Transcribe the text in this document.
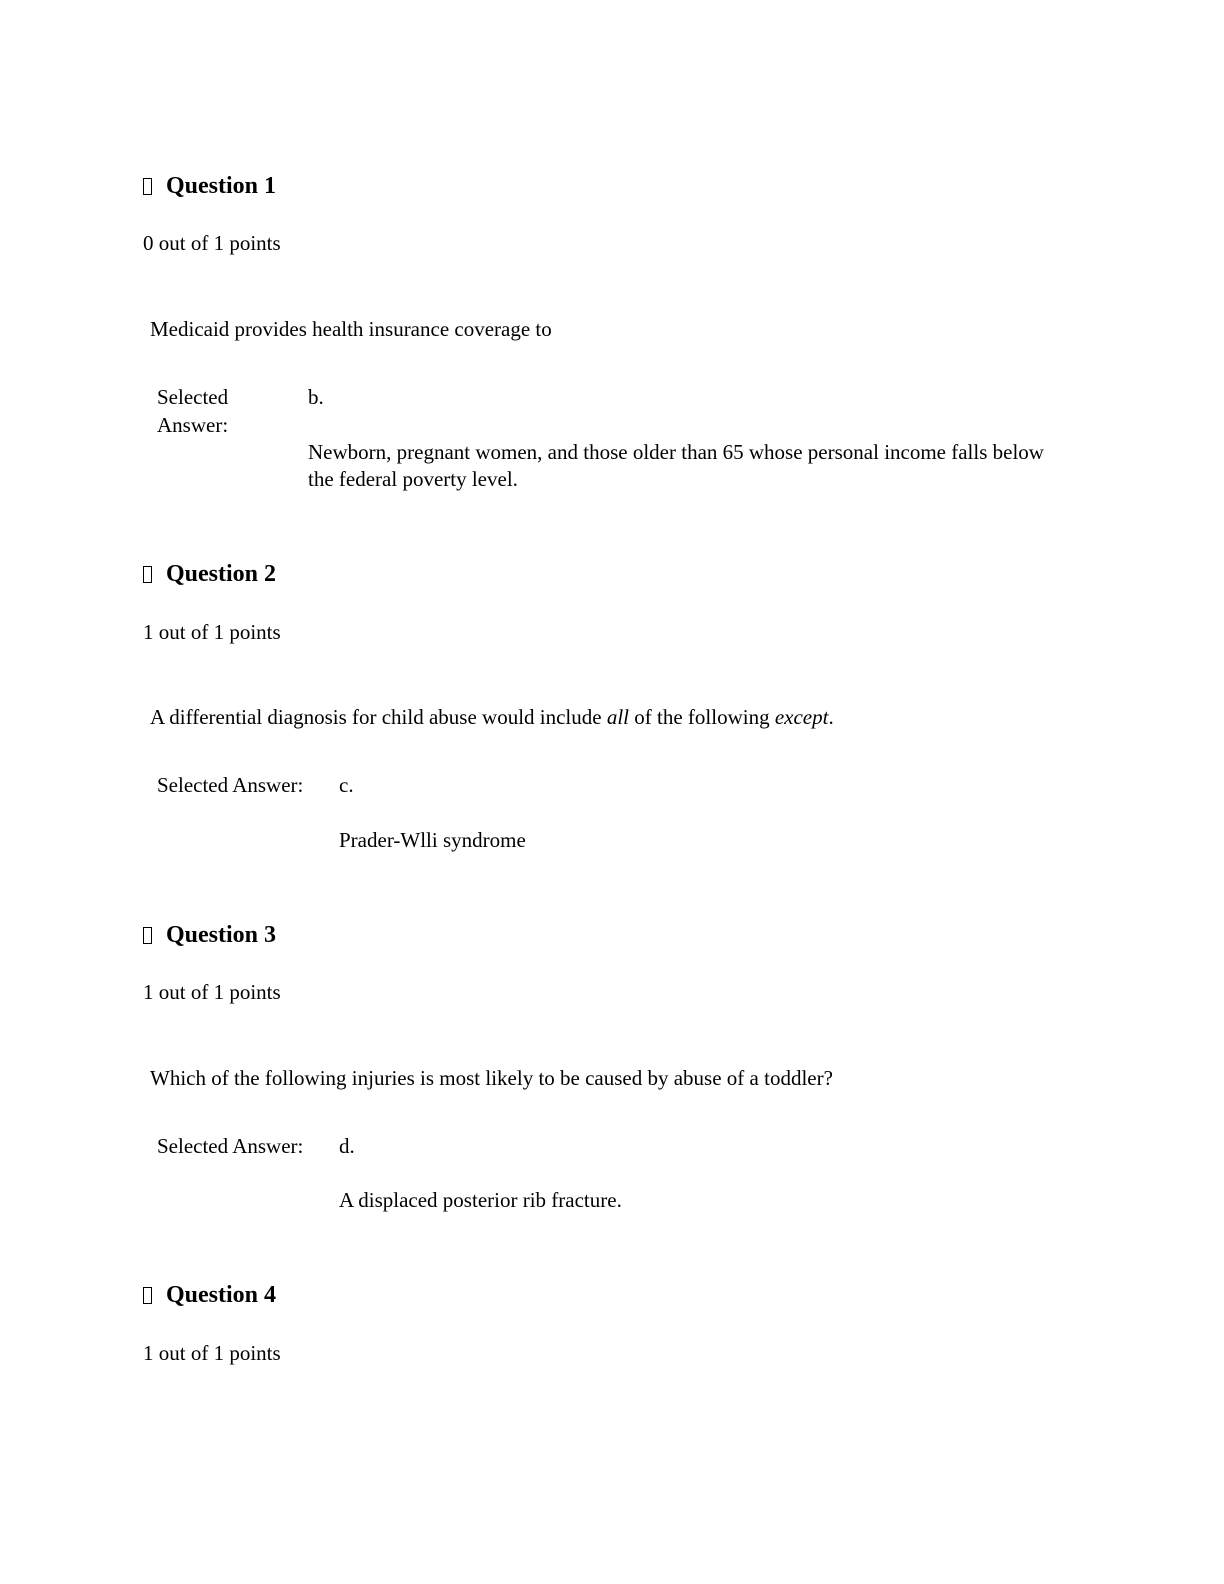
Question 1
0 out of 1 points
Medicaid provides health insurance coverage to
Selected Answer:
b.
Newborn, pregnant women, and those older than 65 whose personal income falls below the federal poverty level.
Question 2
1 out of 1 points
A differential diagnosis for child abuse would include all of the following except.
Selected Answer: c.
Prader-Wlli syndrome
Question 3
1 out of 1 points
Which of the following injuries is most likely to be caused by abuse of a toddler?
Selected Answer: d.
A displaced posterior rib fracture.
Question 4
1 out of 1 points
